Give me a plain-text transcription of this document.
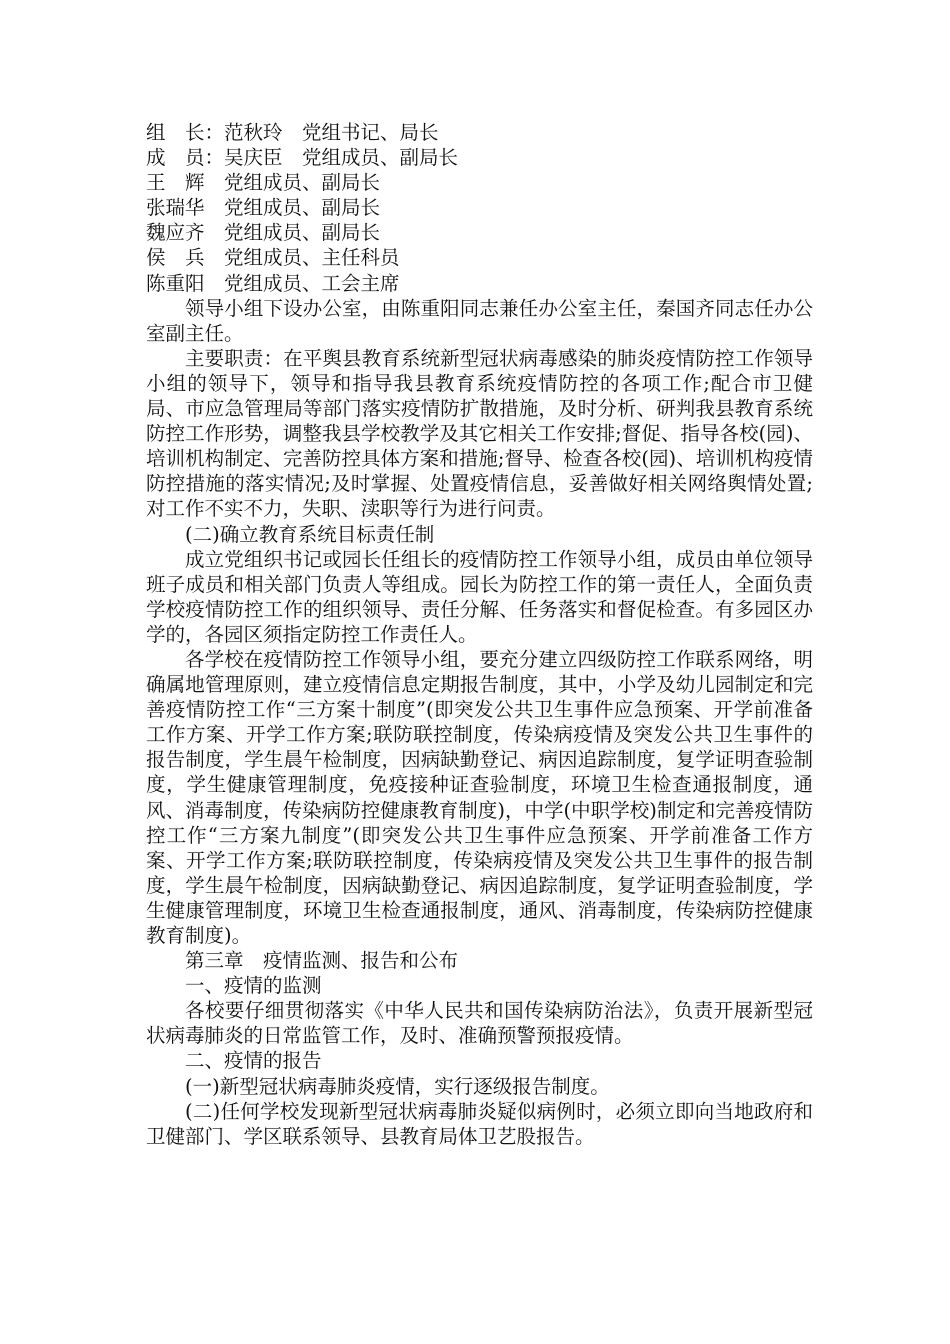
组　长：范秋玲　党组书记、局长

成　员：吴庆臣　党组成员、副局长

王　辉　党组成员、副局长

张瑞华　党组成员、副局长

魏应齐　党组成员、副局长

侯　兵　党组成员、主任科员

陈重阳　党组成员、工会主席

领导小组下设办公室，由陈重阳同志兼任办公室主任，秦国齐同志任办公室副主任。

主要职责：在平舆县教育系统新型冠状病毒感染的肺炎疫情防控工作领导小组的领导下，领导和指导我县教育系统疫情防控的各项工作;配合市卫健局、市应急管理局等部门落实疫情防扩散措施，及时分析、研判我县教育系统防控工作形势，调整我县学校教学及其它相关工作安排;督促、指导各校(园)、培训机构制定、完善防控具体方案和措施;督导、检查各校(园)、培训机构疫情防控措施的落实情况;及时掌握、处置疫情信息，妥善做好相关网络舆情处置;对工作不实不力，失职、渎职等行为进行问责。

(二)确立教育系统目标责任制

成立党组织书记或园长任组长的疫情防控工作领导小组，成员由单位领导班子成员和相关部门负责人等组成。园长为防控工作的第一责任人，全面负责学校疫情防控工作的组织领导、责任分解、任务落实和督促检查。有多园区办学的，各园区须指定防控工作责任人。

各学校在疫情防控工作领导小组，要充分建立四级防控工作联系网络，明确属地管理原则，建立疫情信息定期报告制度，其中，小学及幼儿园制定和完善疫情防控工作“三方案十制度”(即突发公共卫生事件应急预案、开学前准备工作方案、开学工作方案;联防联控制度，传染病疫情及突发公共卫生事件的报告制度，学生晨午检制度，因病缺勤登记、病因追踪制度，复学证明查验制度，学生健康管理制度，免疫接种证查验制度，环境卫生检查通报制度，通风、消毒制度，传染病防控健康教育制度)，中学(中职学校)制定和完善疫情防控工作“三方案九制度”(即突发公共卫生事件应急预案、开学前准备工作方案、开学工作方案;联防联控制度，传染病疫情及突发公共卫生事件的报告制度，学生晨午检制度，因病缺勤登记、病因追踪制度，复学证明查验制度，学生健康管理制度，环境卫生检查通报制度，通风、消毒制度，传染病防控健康教育制度)。

第三章　疫情监测、报告和公布

一、疫情的监测

各校要仔细贯彻落实《中华人民共和国传染病防治法》，负责开展新型冠状病毒肺炎的日常监管工作，及时、准确预警预报疫情。

二、疫情的报告

(一)新型冠状病毒肺炎疫情，实行逐级报告制度。

(二)任何学校发现新型冠状病毒肺炎疑似病例时，必须立即向当地政府和卫健部门、学区联系领导、县教育局体卫艺股报告。
